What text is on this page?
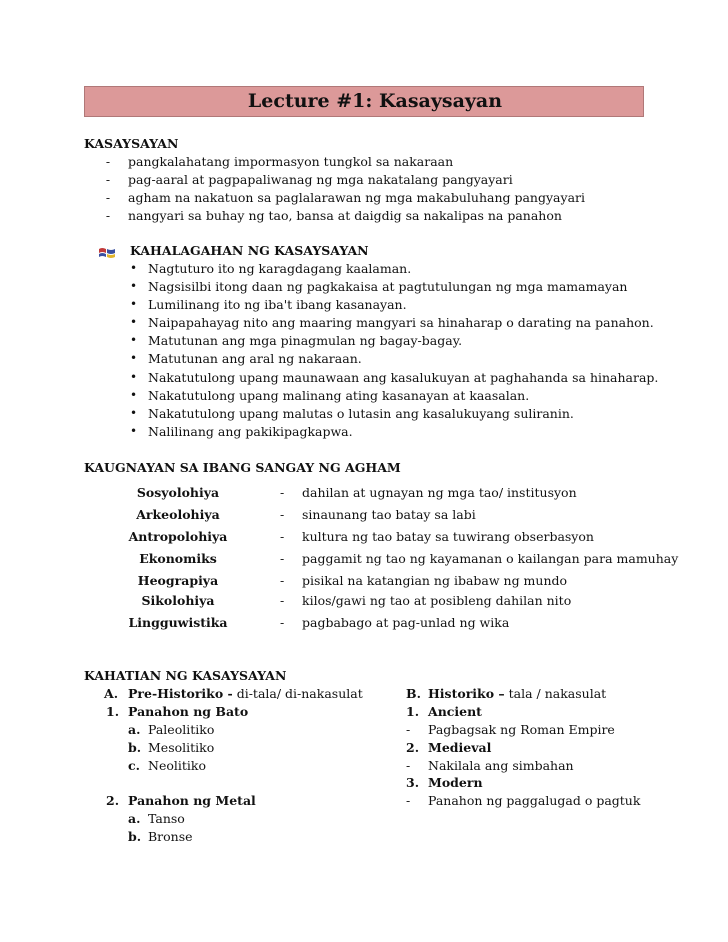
Lecture #1: Kasaysayan
KASAYSAYAN
-	pangkalahatang impormasyon tungkol sa nakaraan
-	pag-aaral at pagpapaliwanag ng mga nakatalang pangyayari
-	agham na nakatuon sa paglalarawan ng mga makabuluhang pangyayari
-	nangyari sa buhay ng tao, bansa at daigdig sa nakalipas na panahon
KAHALAGAHAN NG KASAYSAYAN
• Nagtuturo ito ng karagdagang kaalaman.
• Nagsisilbi itong daan ng pagkakaisa at pagtutulungan ng mga mamamayan
• Lumilinang ito ng iba't ibang kasanayan.
• Naipapahayag nito ang maaring mangyari sa hinaharap o darating na panahon.
• Matutunan ang mga pinagmulan ng bagay-bagay.
• Matutunan ang aral ng nakaraan.
• Nakatutulong upang maunawaan ang kasalukuyan at paghahanda sa hinaharap.
• Nakatutulong upang malinang ating kasanayan at kaasalan.
• Nakatutulong upang malutas o lutasin ang kasalukuyang suliranin.
• Nalilinang ang pakikipagkapwa.
KAUGNAYAN SA IBANG SANGAY NG AGHAM
Sosyolohiya	- dahilan at ugnayan ng mga tao/ institusyon
Arkeolohiya	- sinaunang tao batay sa labi
Antropolohiya	- kultura ng tao batay sa tuwirang obserbasyon
Ekonomiks	- paggamit ng tao ng kayamanan o kailangan para mamuhay
Heograpiya	- pisikal na katangian ng ibabaw ng mundo
Sikolohiya	- kilos/gawi ng tao at posibleng dahilan nito
Lingguwistika	- pagbabago at pag-unlad ng wika
KAHATIAN NG KASAYSAYAN
A. Pre-Historiko - di-tala/ di-nakasulat
1. Panahon ng Bato
a. Paleolitiko
b. Mesolitiko
c. Neolitiko
2. Panahon ng Metal
a. Tanso
b. Bronse
B. Historiko – tala / nakasulat
1. Ancient
- Pagbagsak ng Roman Empire
2. Medieval
- Nakilala ang simbahan
3. Modern
- Panahon ng paggalugad o pagtuk
